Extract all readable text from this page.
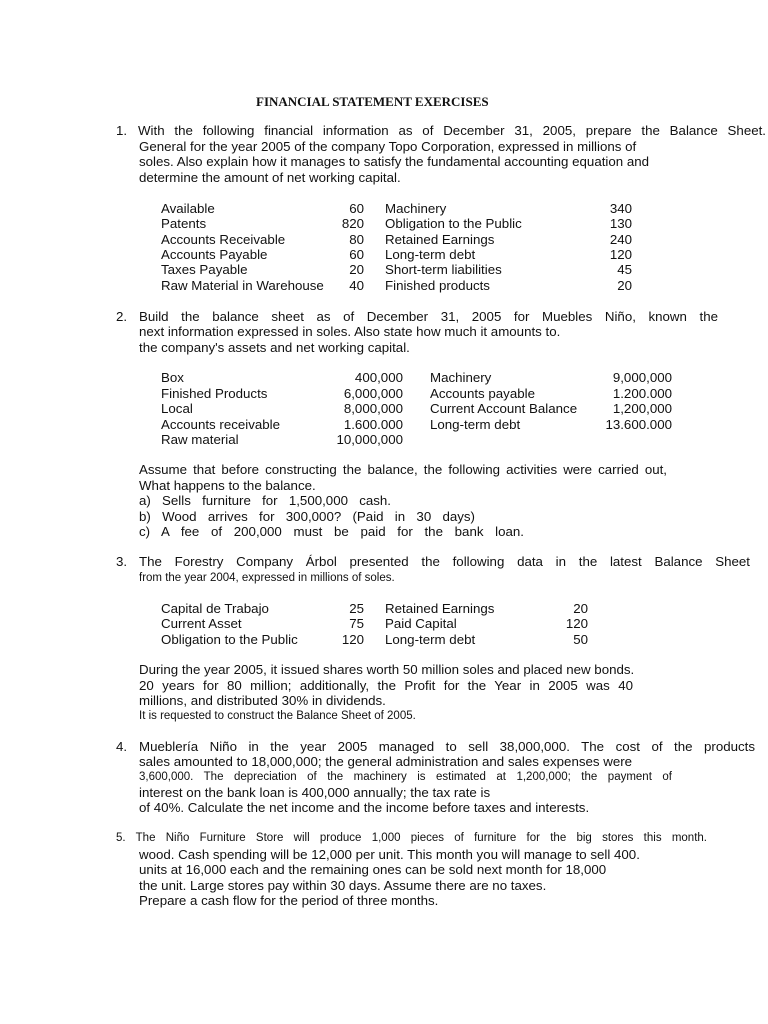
FINANCIAL STATEMENT EXERCISES
1. With the following financial information as of December 31, 2005, prepare the Balance Sheet.
General for the year 2005 of the company Topo Corporation, expressed in millions of
soles. Also explain how it manages to satisfy the fundamental accounting equation and
determine the amount of net working capital.
Available	60 Machinery	340
Patents	820 Obligation to the Public	130
Accounts Receivable	80 Retained Earnings	240
Accounts Payable	60 Long-term debt	120
Taxes Payable	20 Short-term liabilities	45
Raw Material in Warehouse	40 Finished products	20
2. Build the balance sheet as of December 31, 2005 for Muebles Niño, known the
next information expressed in soles. Also state how much it amounts to.
the company's assets and net working capital.
Box	400,000 Machinery	9,000,000
Finished Products	6,000,000 Accounts payable	1.200.000
Local	8,000,000 Current Account Balance	1,200,000
Accounts receivable	1.600.000 Long-term debt	13.600.000
Raw material	10,000,000
Assume that before constructing the balance, the following activities were carried out,
What happens to the balance.
a) Sells furniture for 1,500,000 cash.
b) Wood arrives for 300,000? (Paid in 30 days)
c) A fee of 200,000 must be paid for the bank loan.
3. The Forestry Company Árbol presented the following data in the latest Balance Sheet
from the year 2004, expressed in millions of soles.
Capital de Trabajo	25 Retained Earnings	20
Current Asset	75 Paid Capital	120
Obligation to the Public	120 Long-term debt	50
During the year 2005, it issued shares worth 50 million soles and placed new bonds.
20 years for 80 million; additionally, the Profit for the Year in 2005 was 40
millions, and distributed 30% in dividends.
It is requested to construct the Balance Sheet of 2005.
4. Mueblería Niño in the year 2005 managed to sell 38,000,000. The cost of the products
sales amounted to 18,000,000; the general administration and sales expenses were
3,600,000. The depreciation of the machinery is estimated at 1,200,000; the payment of
interest on the bank loan is 400,000 annually; the tax rate is
of 40%. Calculate the net income and the income before taxes and interests.
5. The Niño Furniture Store will produce 1,000 pieces of furniture for the big stores this month.
wood. Cash spending will be 12,000 per unit. This month you will manage to sell 400.
units at 16,000 each and the remaining ones can be sold next month for 18,000
the unit. Large stores pay within 30 days. Assume there are no taxes.
Prepare a cash flow for the period of three months.
